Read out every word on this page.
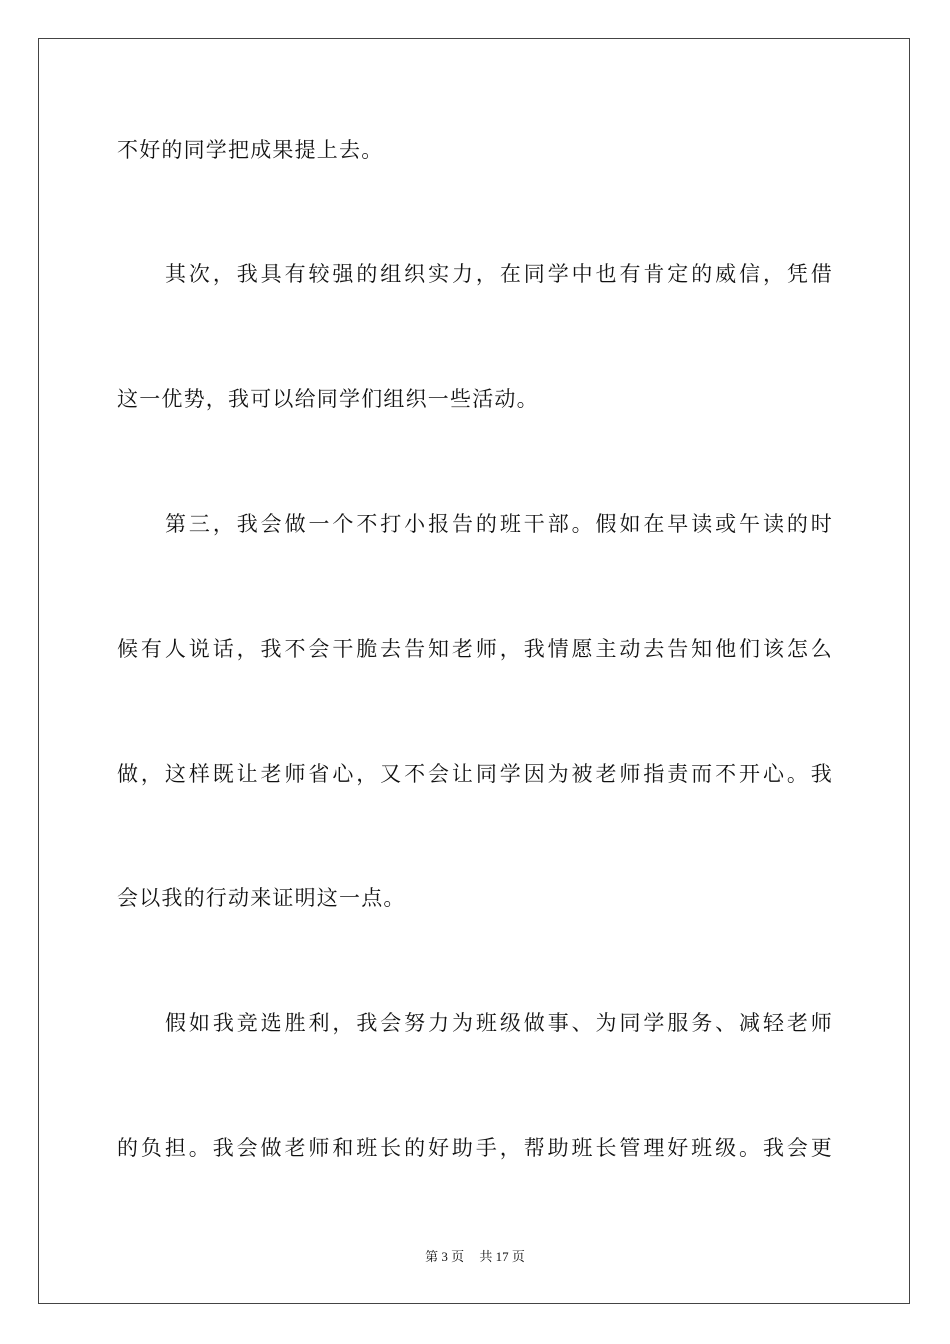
不好的同学把成果提上去。
其次，我具有较强的组织实力，在同学中也有肯定的威信，凭借
这一优势，我可以给同学们组织一些活动。
第三，我会做一个不打小报告的班干部。假如在早读或午读的时
候有人说话，我不会干脆去告知老师，我情愿主动去告知他们该怎么
做，这样既让老师省心，又不会让同学因为被老师指责而不开心。我
会以我的行动来证明这一点。
假如我竞选胜利，我会努力为班级做事、为同学服务、减轻老师
的负担。我会做老师和班长的好助手，帮助班长管理好班级。我会更
第 3 页 共 17 页
